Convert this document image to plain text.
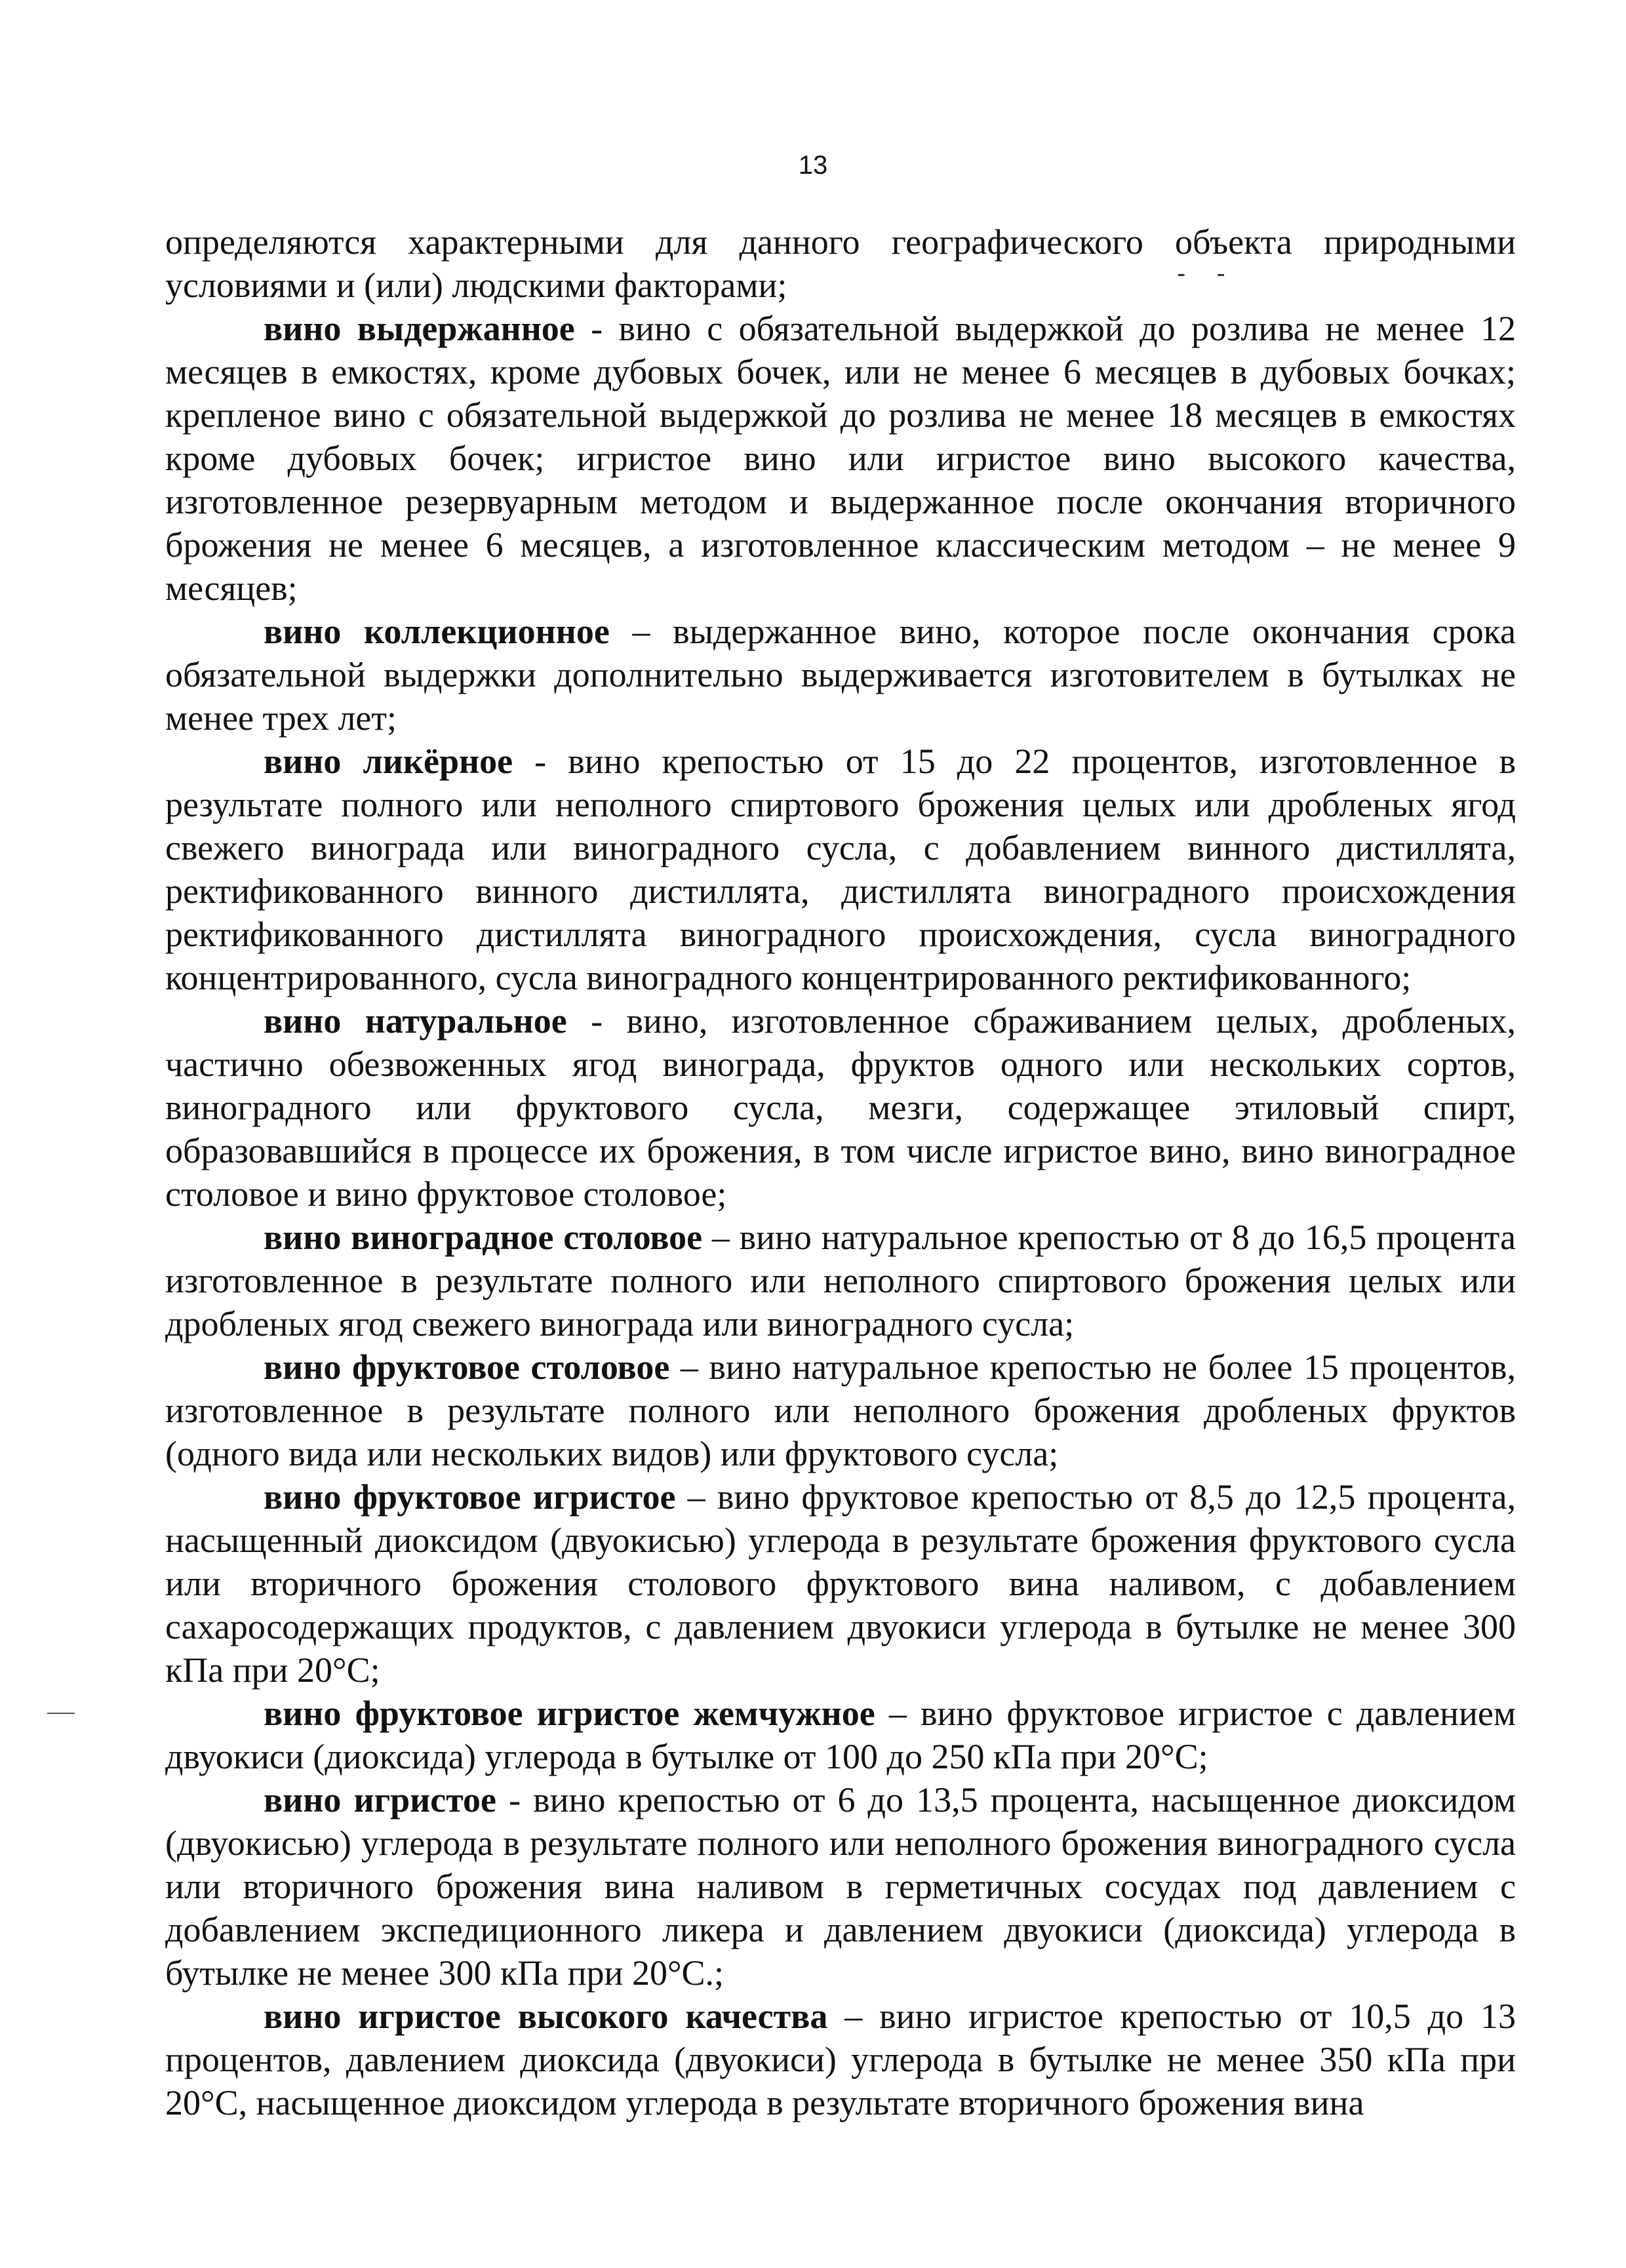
13
- -

определяются характерными для данного географического объекта природными условиями и (или) людскими факторами;

вино выдержанное - вино с обязательной выдержкой до розлива не менее 12 месяцев в емкостях, кроме дубовых бочек, или не менее 6 месяцев в дубовых бочках; крепленое вино с обязательной выдержкой до розлива не менее 18 месяцев в емкостях кроме дубовых бочек; игристое вино или игристое вино высокого качества, изготовленное резервуарным методом и выдержанное после окончания вторичного брожения не менее 6 месяцев, а изготовленное классическим методом – не менее 9 месяцев;

вино коллекционное – выдержанное вино, которое после окончания срока обязательной выдержки дополнительно выдерживается изготовителем в бутылках не менее трех лет;

вино ликёрное - вино крепостью от 15 до 22 процентов, изготовленное в результате полного или неполного спиртового брожения целых или дробленых ягод свежего винограда или виноградного сусла, с добавлением винного дистиллята, ректификованного винного дистиллята, дистиллята виноградного происхождения ректификованного дистиллята виноградного происхождения, сусла виноградного концентрированного, сусла виноградного концентрированного ректификованного;

вино натуральное - вино, изготовленное сбраживанием целых, дробленых, частично обезвоженных ягод винограда, фруктов одного или нескольких сортов, виноградного или фруктового сусла, мезги, содержащее этиловый спирт, образовавшийся в процессе их брожения, в том числе игристое вино, вино виноградное столовое и вино фруктовое столовое;

вино виноградное столовое – вино натуральное крепостью от 8 до 16,5 процента изготовленное в результате полного или неполного спиртового брожения целых или дробленых ягод свежего винограда или виноградного сусла;

вино фруктовое столовое – вино натуральное крепостью не более 15 процентов, изготовленное в результате полного или неполного брожения дробленых фруктов (одного вида или нескольких видов) или фруктового сусла;

вино фруктовое игристое – вино фруктовое крепостью от 8,5 до 12,5 процента, насыщенный диоксидом (двуокисью) углерода в результате брожения фруктового сусла или вторичного брожения столового фруктового вина наливом, с добавлением сахаросодержащих продуктов, с давлением двуокиси углерода в бутылке не менее 300 кПа при 20°С;

вино фруктовое игристое жемчужное – вино фруктовое игристое с давлением двуокиси (диоксида) углерода в бутылке от 100 до 250 кПа при 20°С;

вино игристое - вино крепостью от 6 до 13,5 процента, насыщенное диоксидом (двуокисью) углерода в результате полного или неполного брожения виноградного сусла или вторичного брожения вина наливом в герметичных сосудах под давлением с добавлением экспедиционного ликера и давлением двуокиси (диоксида) углерода в бутылке не менее 300 кПа при 20°С.;

вино игристое высокого качества – вино игристое крепостью от 10,5 до 13 процентов, давлением диоксида (двуокиси) углерода в бутылке не менее 350 кПа при 20°С, насыщенное диоксидом углерода в результате вторичного брожения вина
